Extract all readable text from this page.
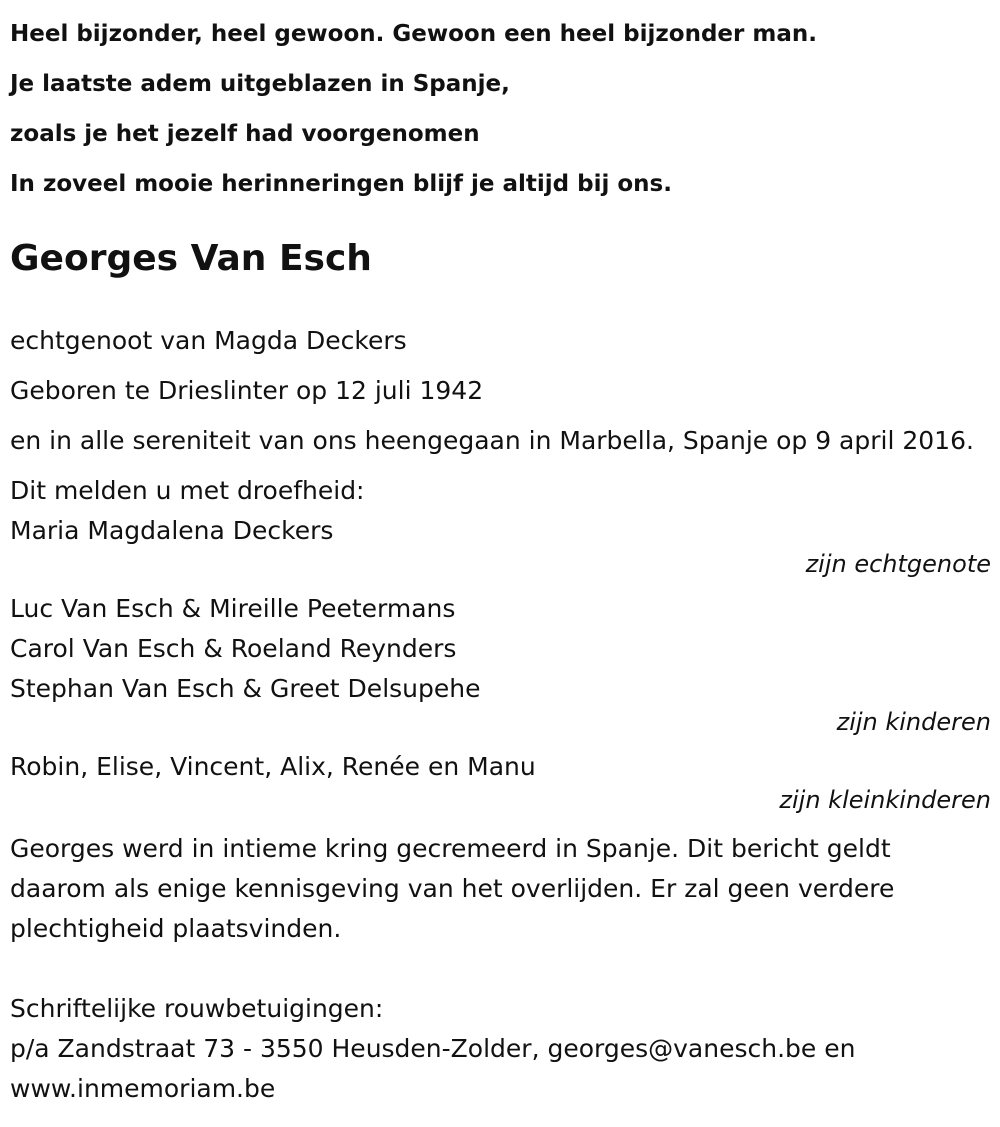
Heel bijzonder, heel gewoon. Gewoon een heel bijzonder man.
Je laatste adem uitgeblazen in Spanje,
zoals je het jezelf had voorgenomen
In zoveel mooie herinneringen blijf je altijd bij ons.
Georges Van Esch
echtgenoot van Magda Deckers
Geboren te Drieslinter op 12 juli 1942
en in alle sereniteit van ons heengegaan in Marbella, Spanje op 9 april 2016.
Dit melden u met droefheid:
Maria Magdalena Deckers
zijn echtgenote
Luc Van Esch & Mireille Peetermans
Carol Van Esch & Roeland Reynders
Stephan Van Esch & Greet Delsupehe
zijn kinderen
Robin, Elise, Vincent, Alix, Renée en Manu
zijn kleinkinderen
Georges werd in intieme kring gecremeerd in Spanje. Dit bericht geldt daarom als enige kennisgeving van het overlijden. Er zal geen verdere plechtigheid plaatsvinden.
Schriftelijke rouwbetuigingen:
p/a Zandstraat 73 - 3550 Heusden-Zolder, georges@vanesch.be en www.inmemoriam.be
